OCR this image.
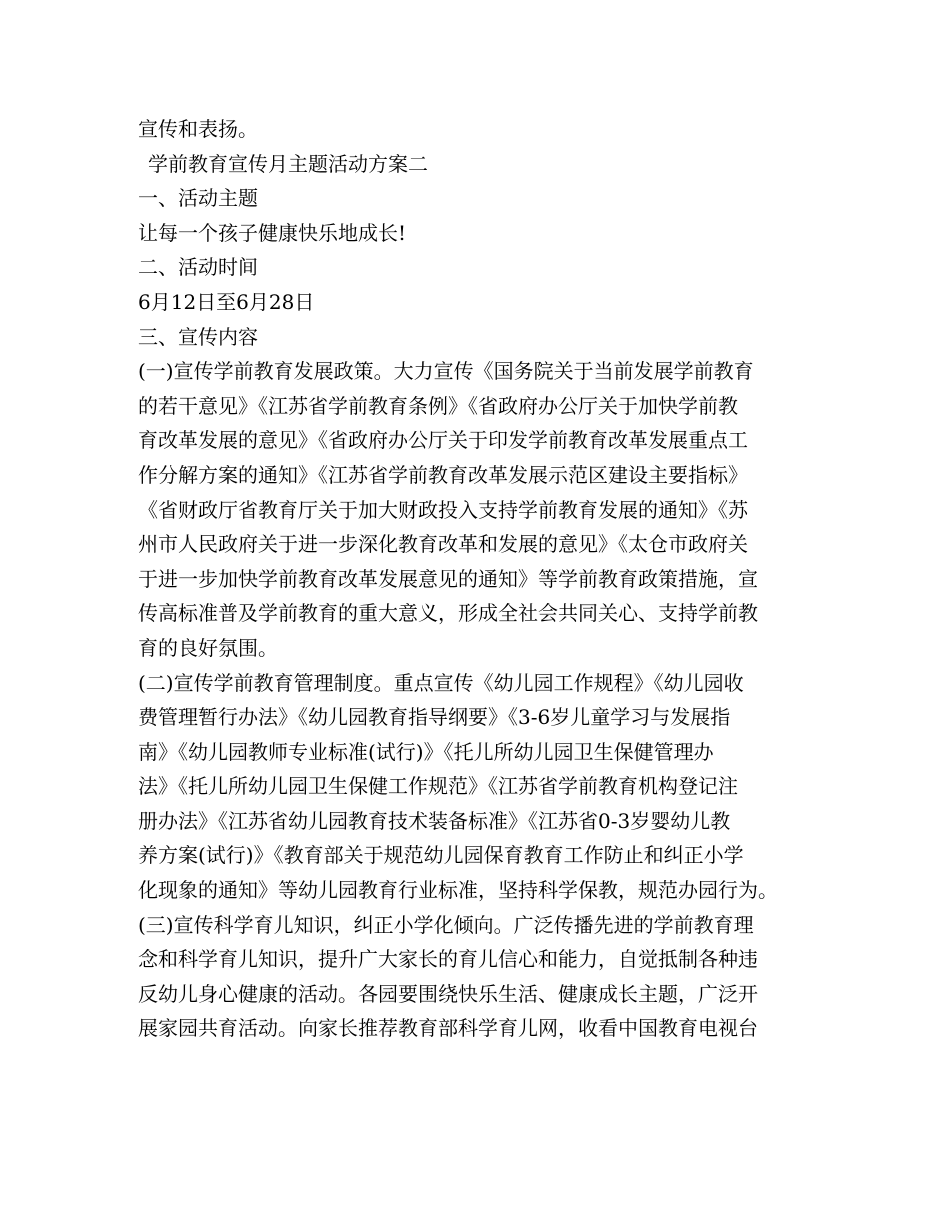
宣传和表扬。
学前教育宣传月主题活动方案二
一、活动主题
让每一个孩子健康快乐地成长!
二、活动时间
6月12日至6月28日
三、宣传内容
(一)宣传学前教育发展政策。大力宣传《国务院关于当前发展学前教育
的若干意见》《江苏省学前教育条例》《省政府办公厅关于加快学前教
育改革发展的意见》《省政府办公厅关于印发学前教育改革发展重点工
作分解方案的通知》《江苏省学前教育改革发展示范区建设主要指标》
《省财政厅省教育厅关于加大财政投入支持学前教育发展的通知》《苏
州市人民政府关于进一步深化教育改革和发展的意见》《太仓市政府关
于进一步加快学前教育改革发展意见的通知》等学前教育政策措施，宣
传高标准普及学前教育的重大意义，形成全社会共同关心、支持学前教
育的良好氛围。
(二)宣传学前教育管理制度。重点宣传《幼儿园工作规程》《幼儿园收
费管理暂行办法》《幼儿园教育指导纲要》《3-6岁儿童学习与发展指
南》《幼儿园教师专业标准(试行)》《托儿所幼儿园卫生保健管理办
法》《托儿所幼儿园卫生保健工作规范》《江苏省学前教育机构登记注
册办法》《江苏省幼儿园教育技术装备标准》《江苏省0-3岁婴幼儿教
养方案(试行)》《教育部关于规范幼儿园保育教育工作防止和纠正小学
化现象的通知》等幼儿园教育行业标准，坚持科学保教，规范办园行为。
(三)宣传科学育儿知识，纠正小学化倾向。广泛传播先进的学前教育理
念和科学育儿知识，提升广大家长的育儿信心和能力，自觉抵制各种违
反幼儿身心健康的活动。各园要围绕快乐生活、健康成长主题，广泛开
展家园共育活动。向家长推荐教育部科学育儿网，收看中国教育电视台
